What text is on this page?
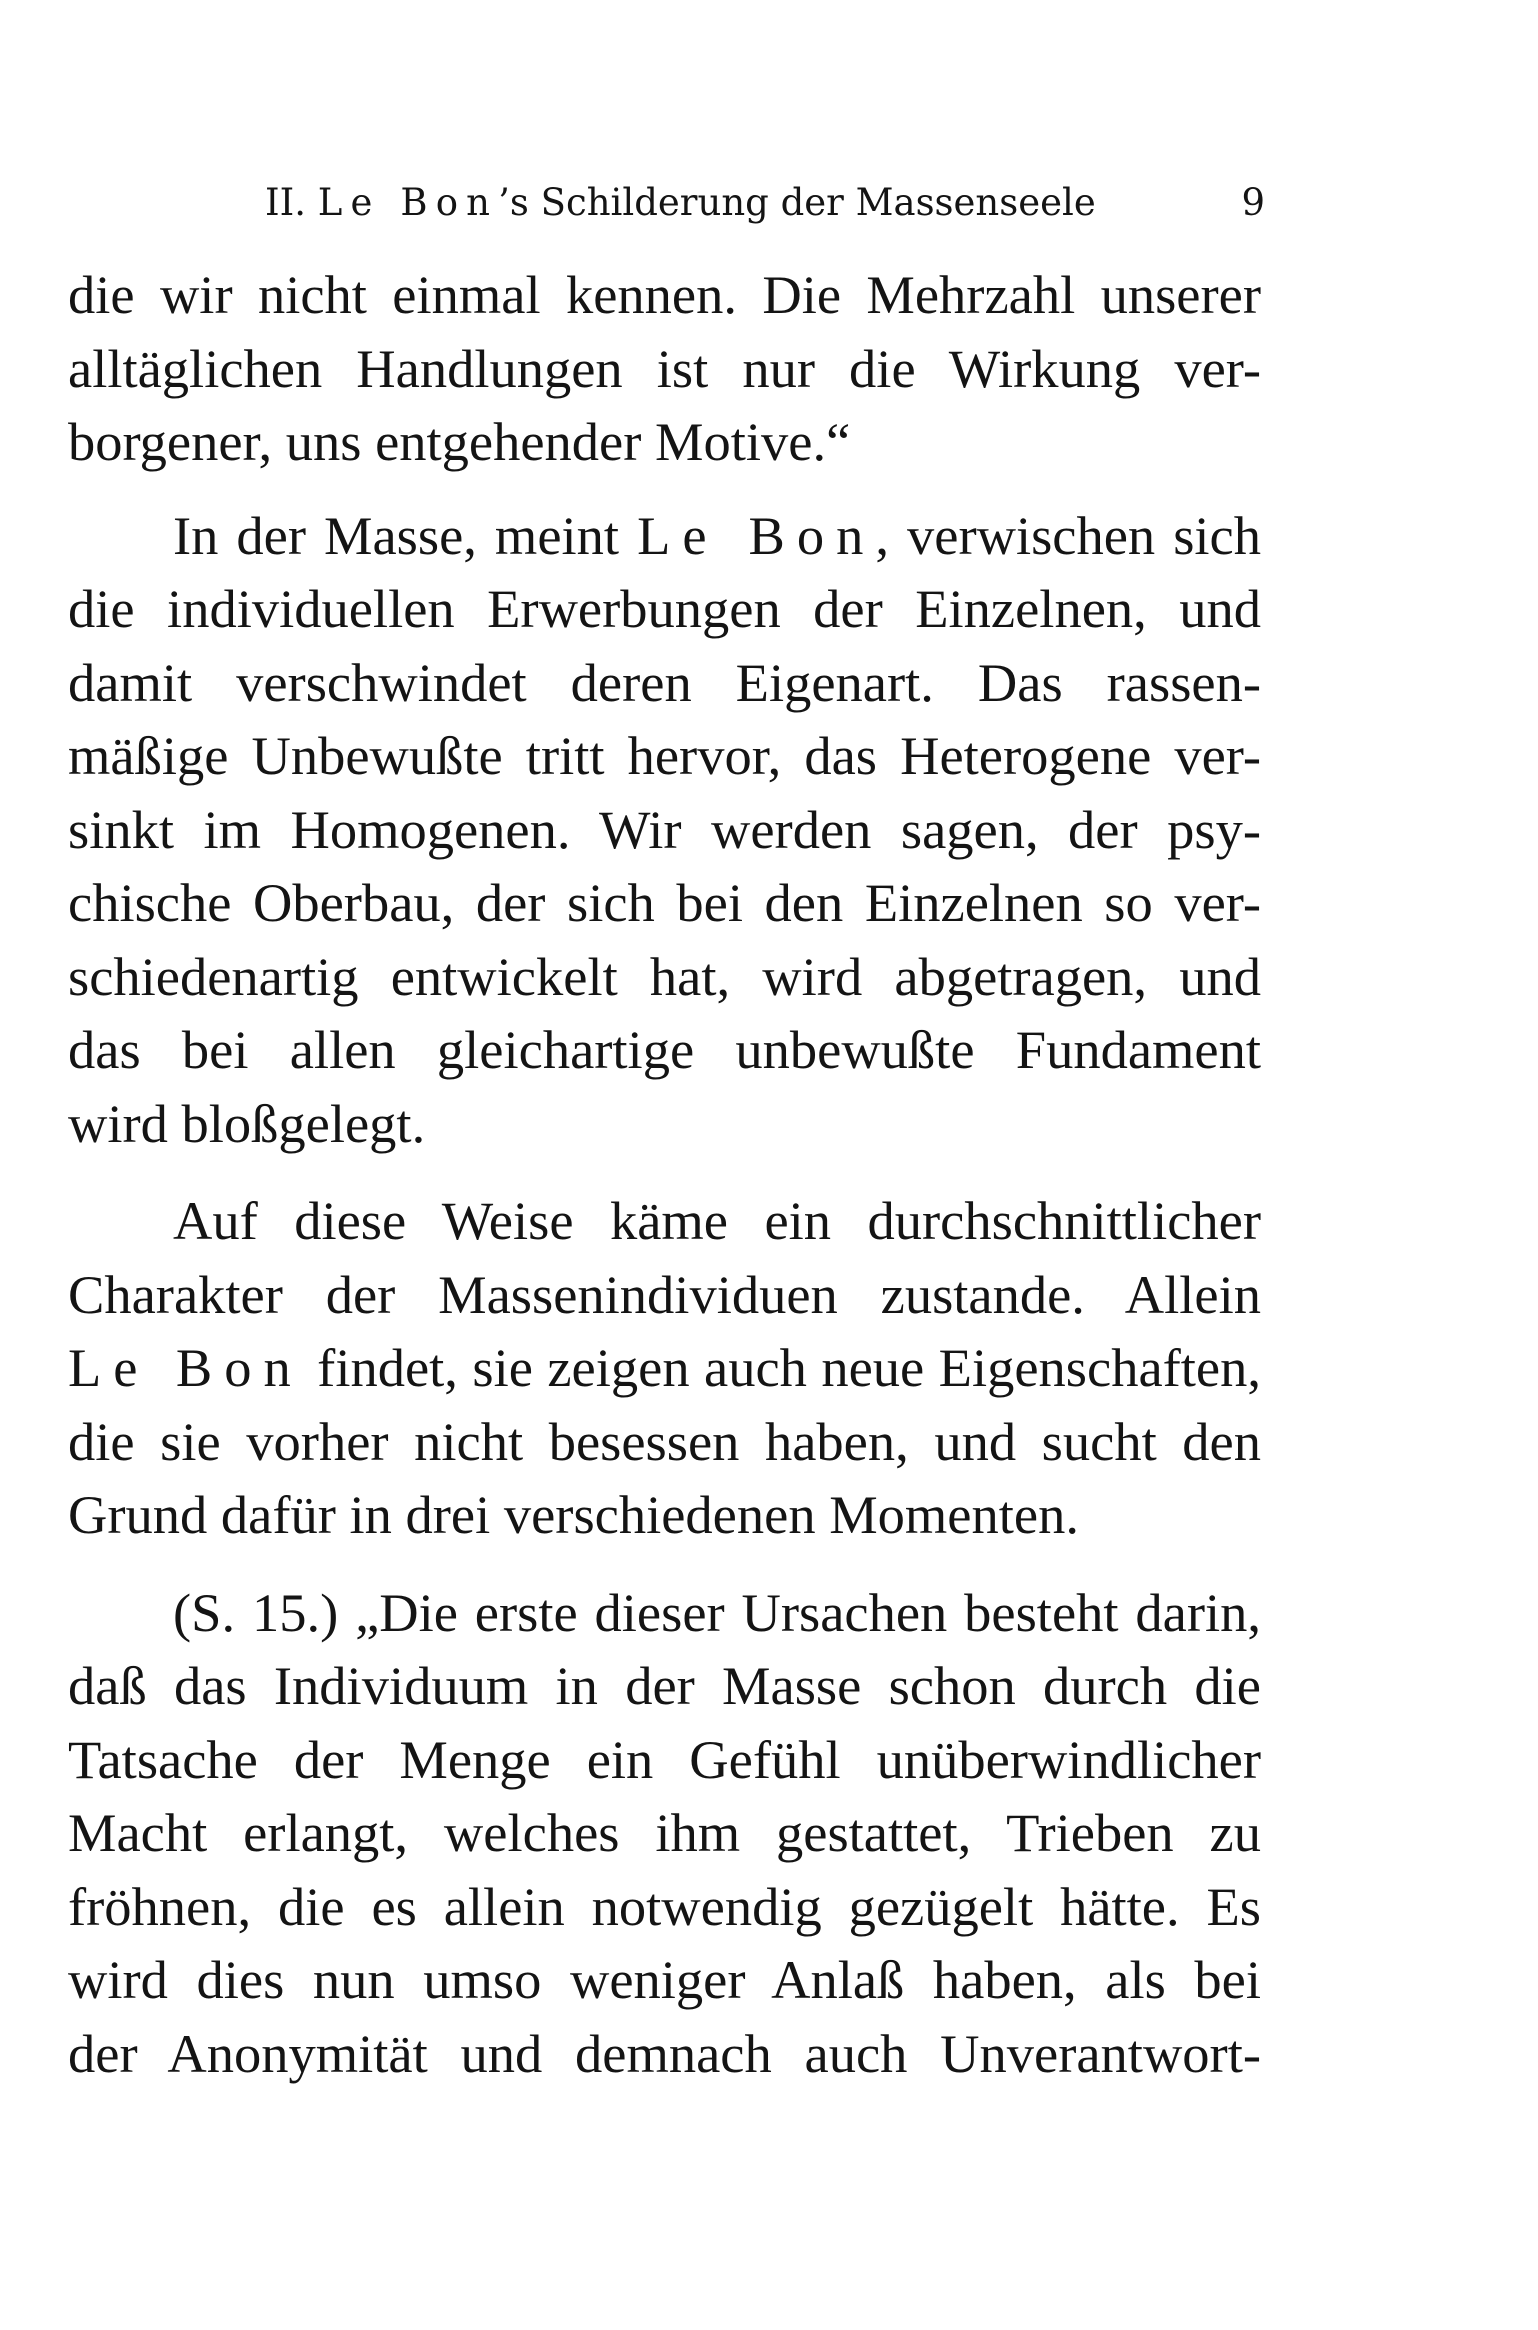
II. Le Bon’s Schilderung der Massenseele	9
die wir nicht einmal kennen. Die Mehrzahl unserer
alltäglichen Handlungen ist nur die Wirkung ver-
borgener, uns entgehender Motive.“
In der Masse, meint Le Bon, verwischen sich
die individuellen Erwerbungen der Einzelnen, und
damit verschwindet deren Eigenart. Das rassen-
mäßige Unbewußte tritt hervor, das Heterogene ver-
sinkt im Homogenen. Wir werden sagen, der psy-
chische Oberbau, der sich bei den Einzelnen so ver-
schiedenartig entwickelt hat, wird abgetragen, und
das bei allen gleichartige unbewußte Fundament
wird bloßgelegt.
Auf diese Weise käme ein durchschnittlicher
Charakter der Massenindividuen zustande. Allein
Le Bon findet, sie zeigen auch neue Eigenschaften,
die sie vorher nicht besessen haben, und sucht den
Grund dafür in drei verschiedenen Momenten.
(S. 15.) „Die erste dieser Ursachen besteht darin,
daß das Individuum in der Masse schon durch die
Tatsache der Menge ein Gefühl unüberwindlicher
Macht erlangt, welches ihm gestattet, Trieben zu
fröhnen, die es allein notwendig gezügelt hätte. Es
wird dies nun umso weniger Anlaß haben, als bei
der Anonymität und demnach auch Unverantwort-
